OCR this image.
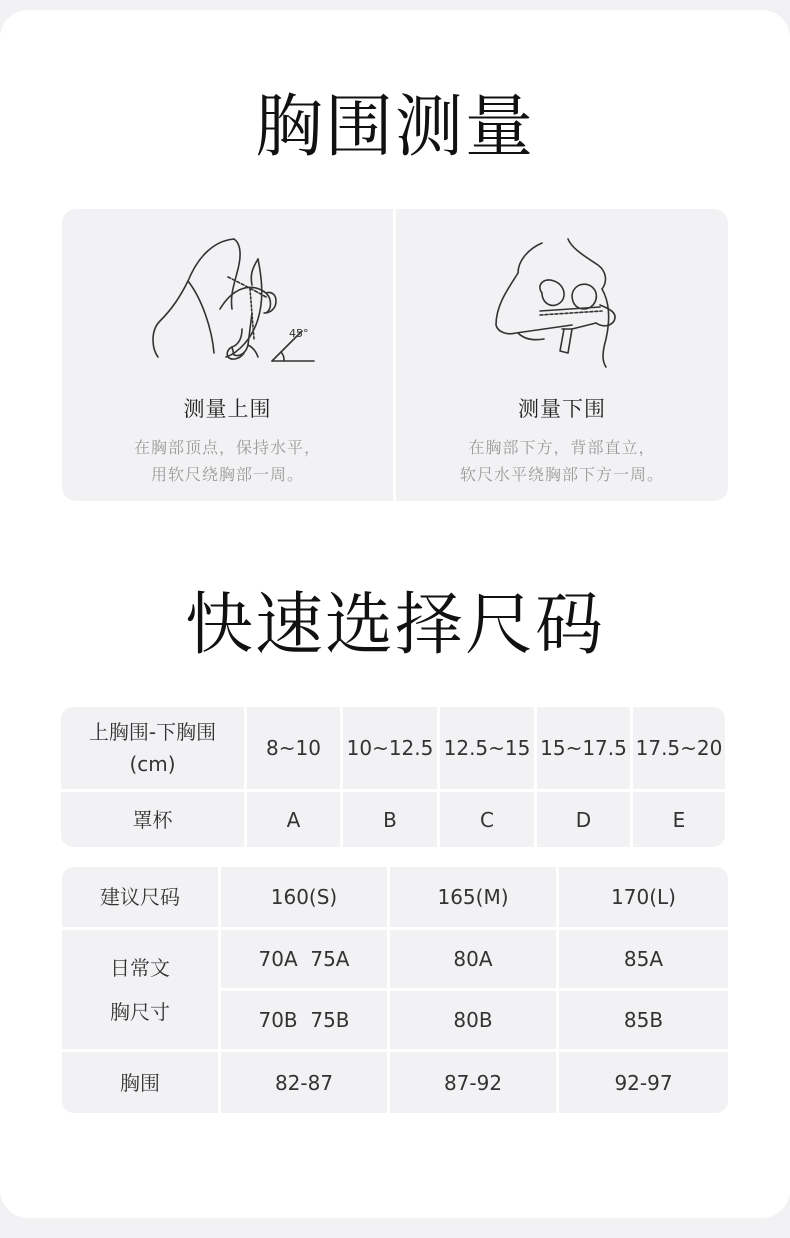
胸围测量
45°
测量上围
在胸部顶点，保持水平，
用软尺绕胸部一周。
测量下围
在胸部下方，背部直立，
软尺水平绕胸部下方一周。
快速选择尺码
上胸围-下胸围
(cm)
8~10	10~12.5 12.5~15 15~17.5 17.5~20
罩杯	A	B	C	D	E
建议尺码	160(S)	165(M)	170(L)
日常文
胸尺寸
70A  75A	80A	85A
70B  75B	80B	85B
胸围	82-87	87-92	92-97
